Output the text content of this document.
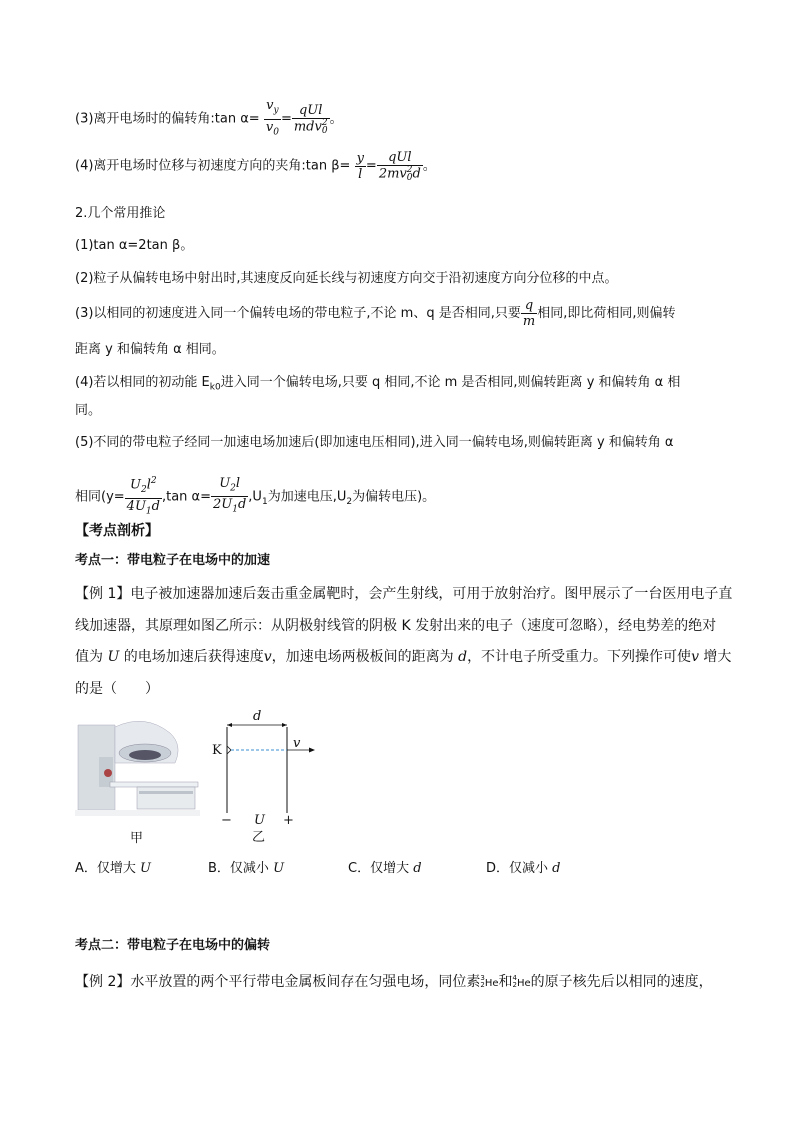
(3)离开电场时的偏转角:tan $\alpha= \frac{v_y}{v_0}$ = qUl
mdv 2
0 。
(4)离开电场时位移与初速度方向的夹角:tan $\beta= \frac{y}{l}$ = qUl
2mv 2
0 d 。
2.几个常用推论
(1)tan α=2tan β。
(2)粒子从偏转电场中射出时,其速度反向延长线与初速度方向交于沿初速度方向分位移的中点。
(3)以相同的初速度进入同一个偏转电场的带电粒子,不论 m、q 是否相同,只要 $\frac{q}{m}$ 相同,即比荷相同,则偏转
距离 y 和偏转角 α 相同。
(4)若以相同的初动能 $E_{k0}$进入同一个偏转电场,只要 q 相同,不论 m 是否相同,则偏转距离 y 和偏转角 α 相
同。
(5)不同的带电粒子经同一加速电场加速后(即加速电压相同),进入同一偏转电场,则偏转距离 y 和偏转角 α
相同($y= \frac{U_2l^2}{4U_1d} ,\tan$ $\alpha= \frac{U_2l}{2U_1d} ,U_1$为加速电压$,U_2$为偏转电压)。
【考点剖析】
考点一：带电粒子在电场中的加速
【例 1】电子被加速器加速后轰击重金属靶时，会产生射线，可用于放射治疗。图甲展示了一台医用电子直
线加速器，其原理如图乙所示：从阴极射线管的阴极 K 发射出来的电子（速度可忽略），经电势差的绝对
值为 U 的电场加速后获得速度v，加速电场两极板间的距离为 d，不计电子所受重力。下列操作可使v 增大
的是（　　）
甲
d
K	v
− U +
乙
A．仅增大 U	B．仅减小 U	C．仅增大 d	D．仅减小 d
考点二：带电粒子在电场中的偏转
【例 2】水平放置的两个平行带电金属板间存在匀强电场，同位素 3
2 He和 4
2 He的原子核先后以相同的速度，
